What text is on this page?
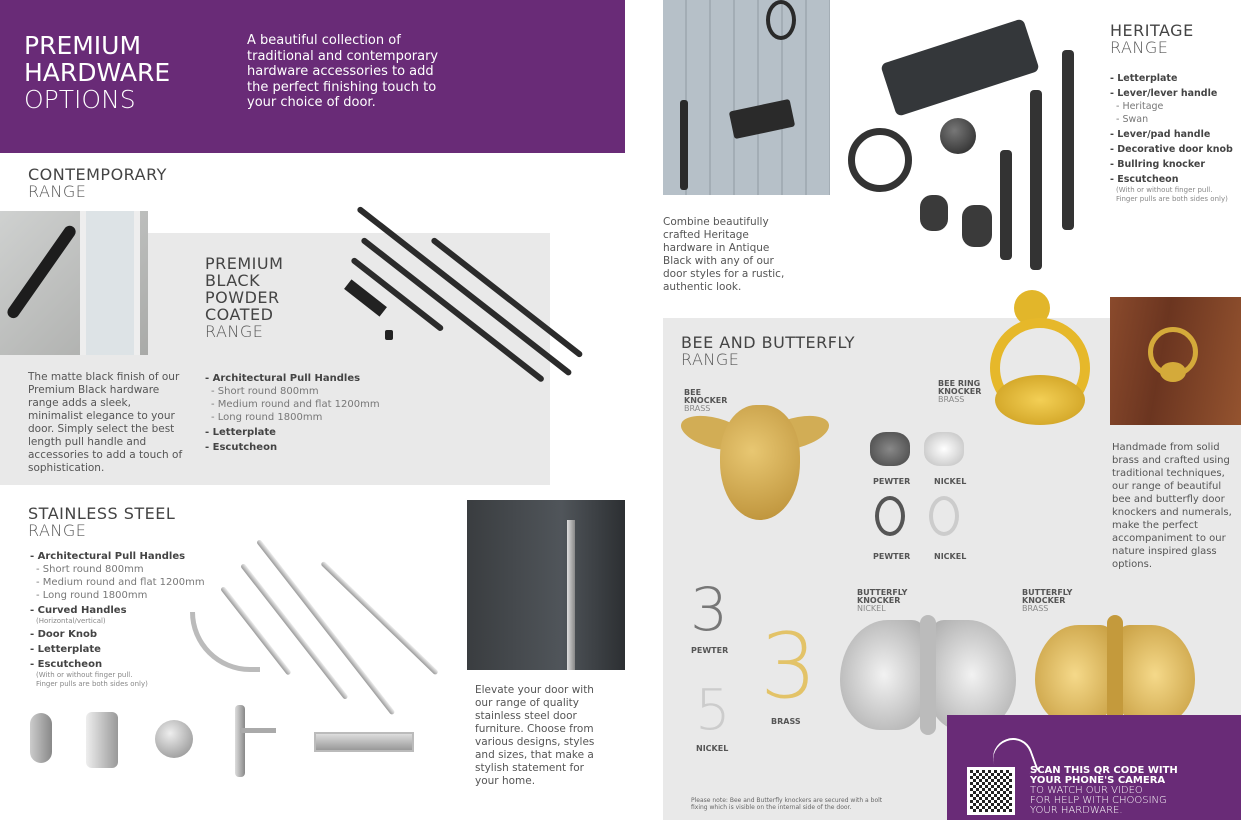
PREMIUM
HARDWARE
OPTIONS
A beautiful collection of traditional and contemporary hardware accessories to add the perfect finishing touch to your choice of door.
CONTEMPORARY
RANGE
PREMIUM
BLACK
POWDER
COATED
RANGE
The matte black finish of our Premium Black hardware range adds a sleek, minimalist elegance to your door. Simply select the best length pull handle and accessories to add a touch of sophistication.
- Architectural Pull Handles
- Short round 800mm
- Medium round and flat 1200mm
- Long round 1800mm
- Letterplate
- Escutcheon
STAINLESS STEEL
RANGE
- Architectural Pull Handles
- Short round 800mm
- Medium round and flat 1200mm
- Long round 1800mm
- Curved Handles
(Horizontal/vertical)
- Door Knob
- Letterplate
- Escutcheon
(With or without finger pull.
Finger pulls are both sides only)	Elevate your door with our range of quality stainless steel door furniture. Choose from various designs, styles and sizes, that make a stylish statement for your home.
Combine beautifully crafted Heritage hardware in Antique Black with any of our door styles for a rustic, authentic look.
HERITAGE
RANGE
- Letterplate
- Lever/lever handle
- Heritage
- Swan
- Lever/pad handle
- Decorative door knob
- Bullring knocker
- Escutcheon
(With or without finger pull.
Finger pulls are both sides only)
BEE AND BUTTERFLY
RANGE
Handmade from solid brass and crafted using traditional techniques, our range of beautiful bee and butterfly door knockers and numerals, make the perfect accompaniment to our nature inspired glass options.
BEE
KNOCKER
BRASS
BEE RING
KNOCKER
BRASS
PEWTER	NICKEL
PEWTER	NICKEL
3
3
5
PEWTER
BRASS
NICKEL
BUTTERFLY
KNOCKER
NICKEL
BUTTERFLY
KNOCKER
BRASS
Please note: Bee and Butterfly knockers are secured with a bolt fixing which is visible on the internal side of the door.
SCAN THIS QR CODE WITH
YOUR PHONE'S CAMERA
TO WATCH OUR VIDEO
FOR HELP WITH CHOOSING
YOUR HARDWARE.
